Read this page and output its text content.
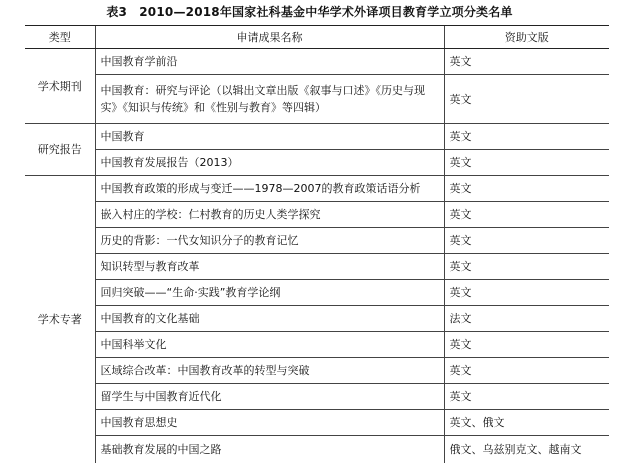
表3　2010—2018年国家社科基金中华学术外译项目教育学立项分类名单
类型	申请成果名称	资助文版
学术期刊	中国教育学前沿	英文
	中国教育：研究与评论（以辑出文章出版《叙事与口述》《历史与现实》《知识与传统》和《性别与教育》等四辑）	英文
研究报告	中国教育	英文
	中国教育发展报告（2013）	英文
学术专著	中国教育政策的形成与变迁——1978—2007的教育政策话语分析	英文
	嵌入村庄的学校：仁村教育的历史人类学探究	英文
	历史的背影：一代女知识分子的教育记忆	英文
	知识转型与教育改革	英文
	回归突破——“生命·实践”教育学论纲	英文
	中国教育的文化基础	法文
	中国科举文化	英文
	区域综合改革：中国教育改革的转型与突破	英文
	留学生与中国教育近代化	英文
	中国教育思想史	英文、俄文
	基础教育发展的中国之路	俄文、乌兹别克文、越南文
